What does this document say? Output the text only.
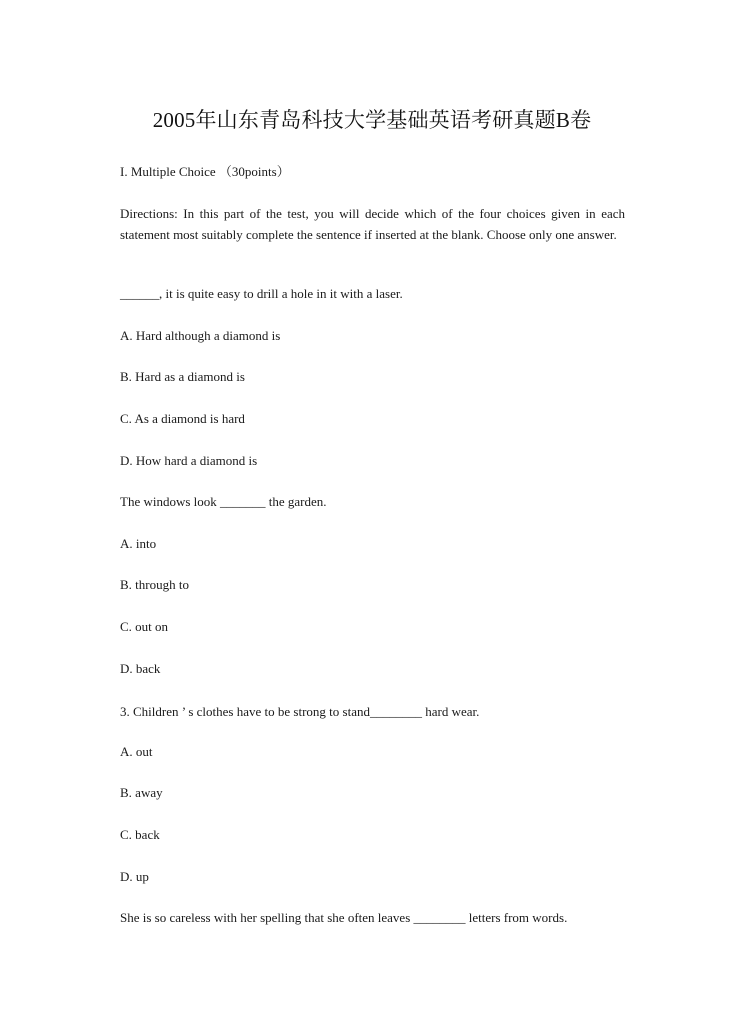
2005年山东青岛科技大学基础英语考研真题B卷
I. Multiple Choice （30points）
Directions: In this part of the test, you will decide which of the four choices given in each statement most suitably complete the sentence if inserted at the blank. Choose only one answer.
______, it is quite easy to drill a hole in it with a laser.
A. Hard although a diamond is
B. Hard as a diamond is
C. As a diamond is hard
D. How hard a diamond is
The windows look _______ the garden.
A. into
B. through to
C. out on
D. back
3. Children ’ s clothes have to be strong to stand________ hard wear.
A. out
B. away
C. back
D. up
She is so careless with her spelling that she often leaves ________ letters from words.
